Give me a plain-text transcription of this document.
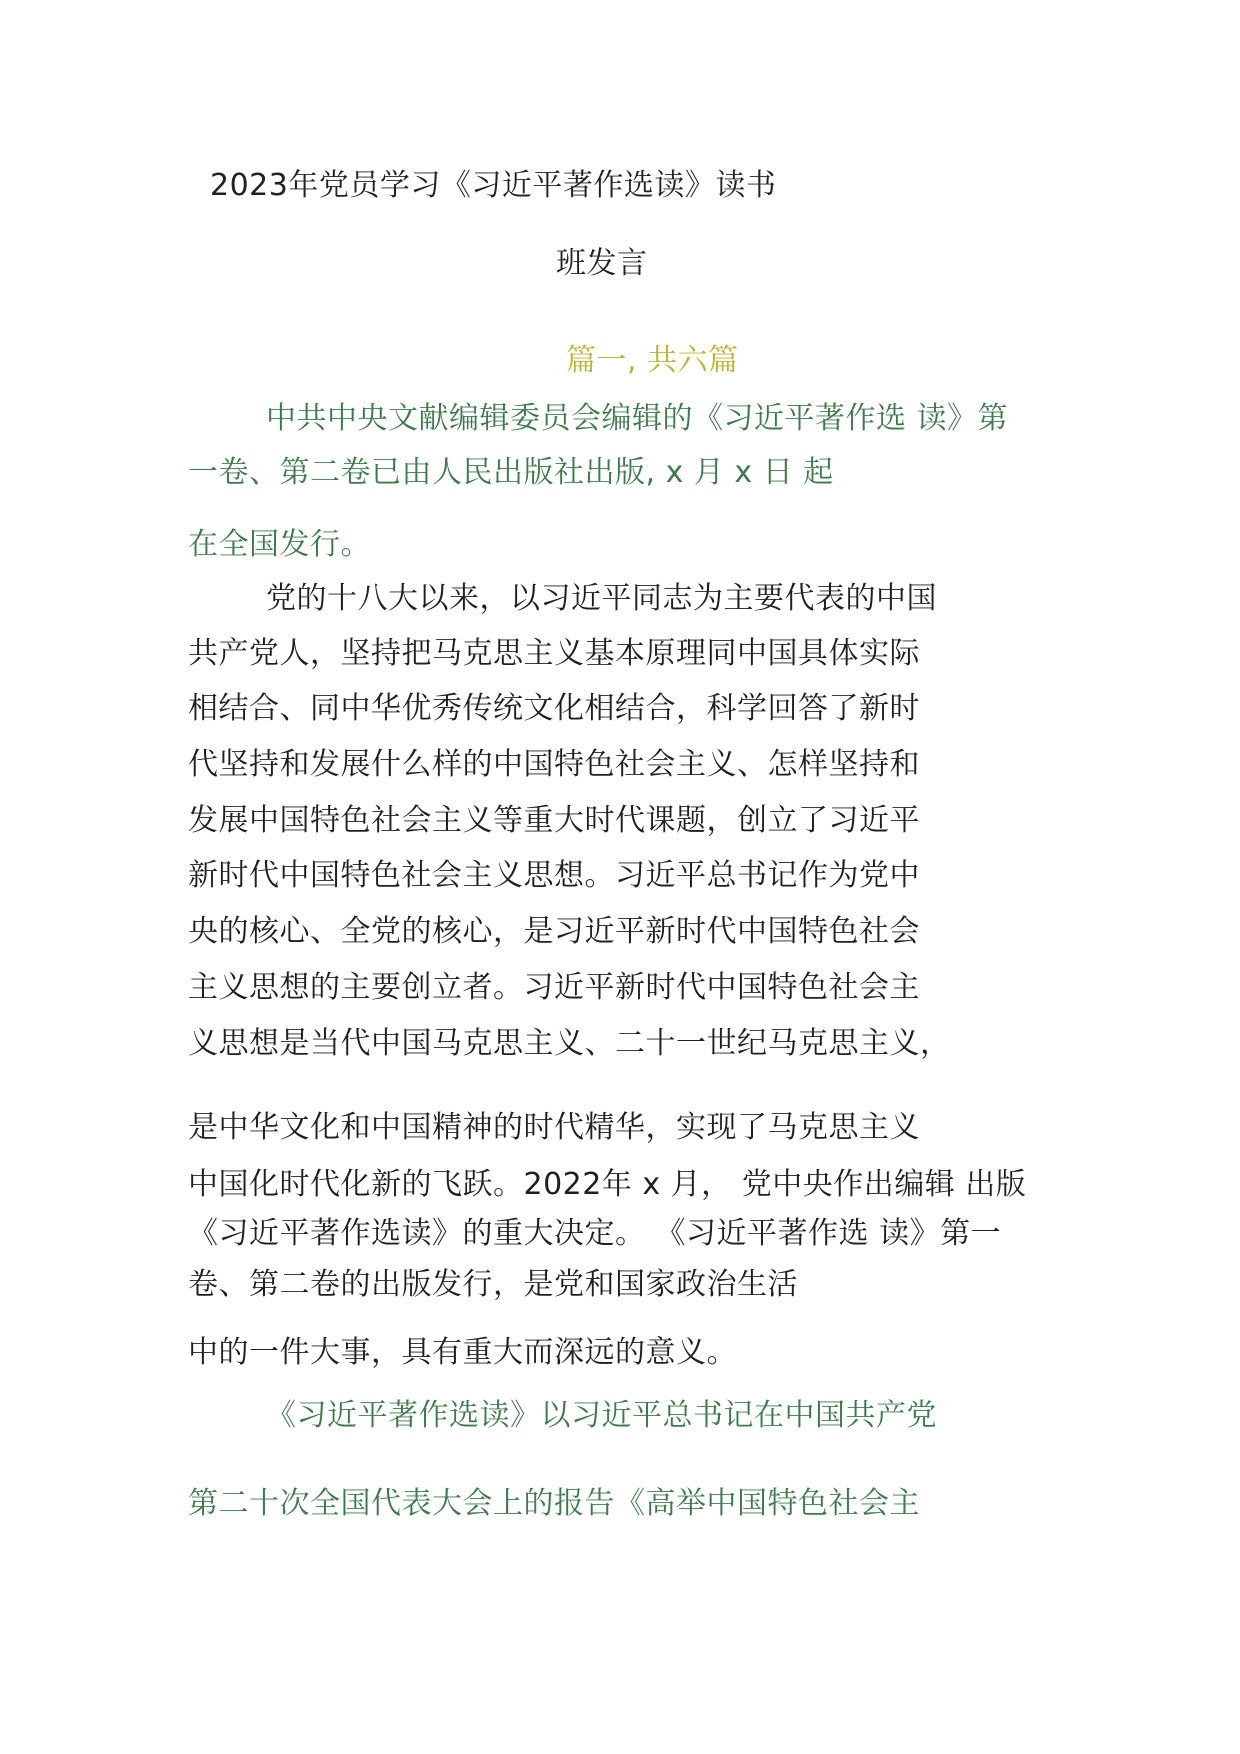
2023年党员学习《习近平著作选读》读书
班发言
篇一, 共六篇
中共中央文献编辑委员会编辑的《习近平著作选 读》第
一卷、第二卷已由人民出版社出版, x 月 x 日 起
在全国发行。
党的十八大以来，以习近平同志为主要代表的中国
共产党人，坚持把马克思主义基本原理同中国具体实际
相结合、同中华优秀传统文化相结合，科学回答了新时
代坚持和发展什么样的中国特色社会主义、怎样坚持和
发展中国特色社会主义等重大时代课题，创立了习近平
新时代中国特色社会主义思想。习近平总书记作为党中
央的核心、全党的核心，是习近平新时代中国特色社会
主义思想的主要创立者。习近平新时代中国特色社会主
义思想是当代中国马克思主义、二十一世纪马克思主义，
是中华文化和中国精神的时代精华，实现了马克思主义
中国化时代化新的飞跃。2022年 x 月， 党中央作出编辑 出版
《习近平著作选读》的重大决定。 《习近平著作选 读》第一
卷、第二卷的出版发行，是党和国家政治生活
中的一件大事，具有重大而深远的意义。
《习近平著作选读》以习近平总书记在中国共产党
第二十次全国代表大会上的报告《高举中国特色社会主
